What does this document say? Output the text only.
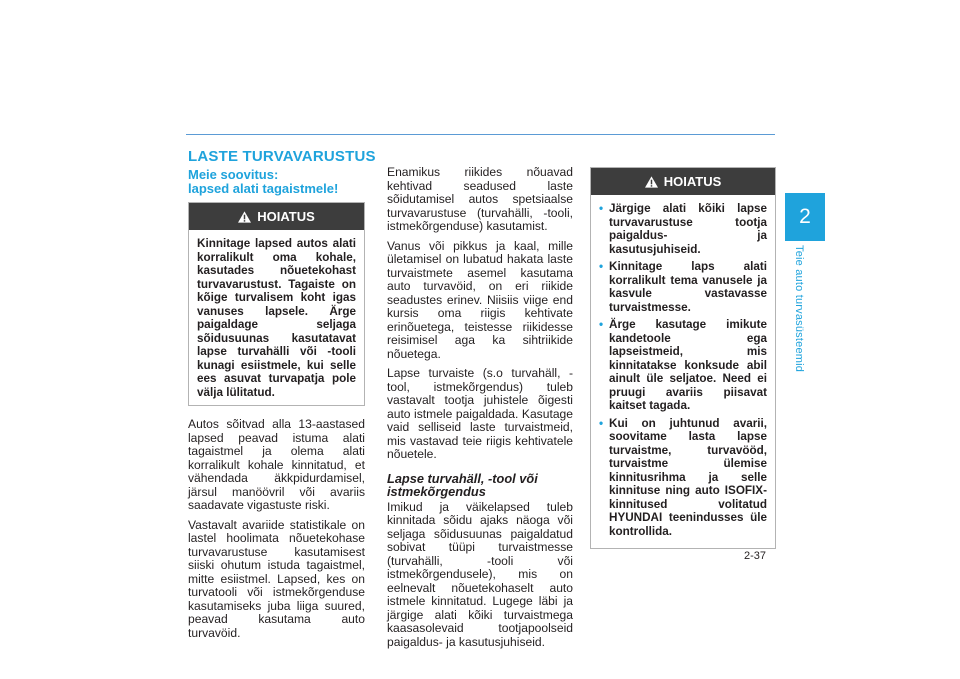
2
Teie auto turvasüsteemid
LASTE TURVAVARUSTUS

Meie soovitus:

lapsed alati tagaistmele!

HOIATUS
Kinnitage lapsed autos alati korralikult oma kohale, kasutades nõuetekohast turvavarustust. Tagaiste on kõige turvalisem koht igas vanuses lapsele. Ärge paigaldage seljaga sõidusuunas kasutatavat lapse turvahälli või -tooli kunagi esiistmele, kui selle ees asuvat turvapatja pole välja lülitatud.

Autos sõitvad alla 13-aastased lapsed peavad istuma alati tagaistmel ja olema alati korralikult kohale kinnitatud, et vähendada äkkpidurdamisel, järsul manöövril või avariis saadavate vigastuste riski.

Vastavalt avariide statistikale on lastel hoolimata nõuetekohase turvavarustuse kasutamisest siiski ohutum istuda tagaistmel, mitte esiistmel. Lapsed, kes on turvatooli või istmekõrgenduse kasutamiseks juba liiga suured, peavad kasutama auto turvavöid.

Enamikus riikides nõuavad kehtivad seadused laste sõidutamisel autos spetsiaalse turvavarustuse (turvahälli, -tooli, istmekõrgenduse) kasutamist.

Vanus või pikkus ja kaal, mille ületamisel on lubatud hakata laste turvaistmete asemel kasutama auto turvavöid, on eri riikide seadustes erinev. Niisiis viige end kursis oma riigis kehtivate erinõuetega, teistesse riikidesse reisimisel aga ka sihtriikide nõuetega.

Lapse turvaiste (s.o turvahäll, -tool, istmekõrgendus) tuleb vastavalt tootja juhistele õigesti auto istmele paigaldada. Kasutage vaid selliseid laste turvaistmeid, mis vastavad teie riigis kehtivatele nõuetele.

Lapse turvahäll, -tool või istmekõrgendus

Imikud ja väikelapsed tuleb kinnitada sõidu ajaks näoga või seljaga sõidusuunas paigaldatud sobivat tüüpi turvaistmesse (turvahälli, -tooli või istmekõrgendusele), mis on eelnevalt nõuetekohaselt auto istmele kinnitatud. Lugege läbi ja järgige alati kõiki turvaistmega kaasasolevaid tootjapoolseid paigaldus- ja kasutusjuhiseid.

HOIATUS
• Järgige alati kõiki lapse turvavarustuse tootja paigaldus- ja kasutusjuhiseid.
• Kinnitage laps alati korralikult tema vanusele ja kasvule vastavasse turvaistmesse.
• Ärge kasutage imikute kandetoole ega lapseistmeid, mis kinnitatakse konksude abil ainult üle seljatoe. Need ei pruugi avariis piisavat kaitset tagada.
• Kui on juhtunud avarii, soovitame lasta lapse turvaistme, turvavööd, turvaistme ülemise kinnitusrihma ja selle kinnituse ning auto ISOFIX-kinnitused volitatud HYUNDAI teenindusses üle kontrollida.
2-37
